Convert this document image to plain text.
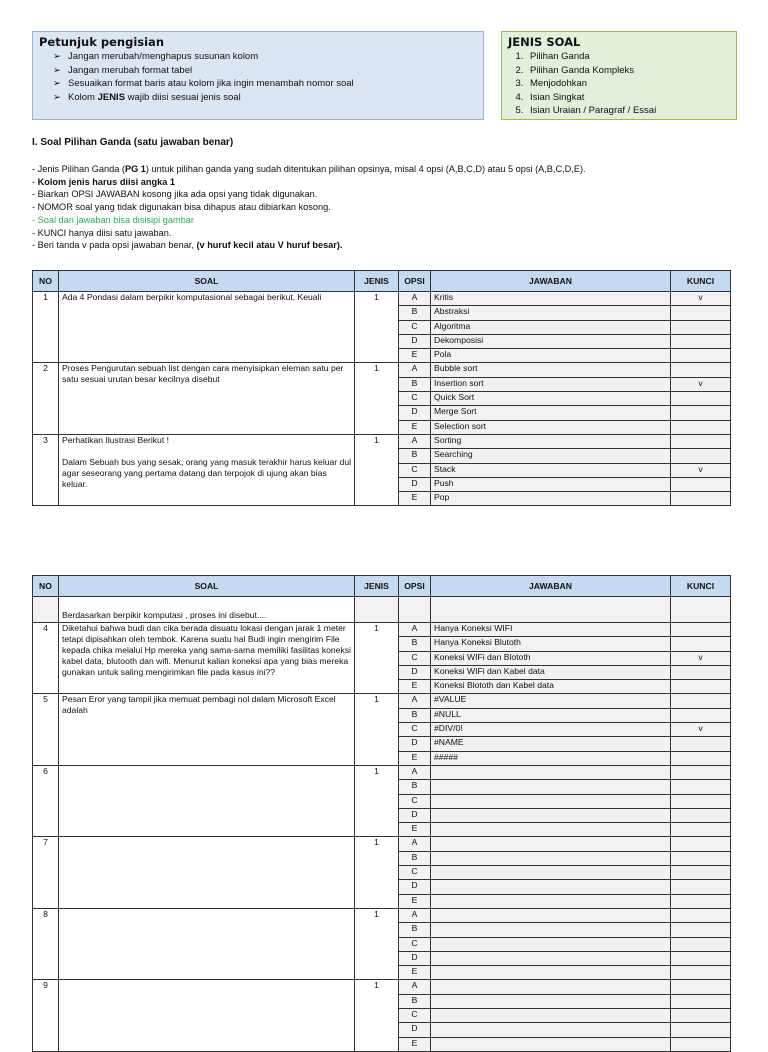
Petunjuk pengisian
➢ Jangan merubah/menghapus susunan kolom
➢ Jangan merubah format tabel
➢ Sesuaikan format baris atau kolom jika ingin menambah nomor soal
➢ Kolom JENIS wajib diisi sesuai jenis soal
JENIS SOAL
1. Pilihan Ganda
2. Pilihan Ganda Kompleks
3. Menjodohkan
4. Isian Singkat
5. Isian Uraian / Paragraf / Essai
I. Soal Pilihan Ganda (satu jawaban benar)
- Jenis Pilihan Ganda (PG 1) untuk pilihan ganda yang sudah ditentukan pilihan opsinya, misal 4 opsi (A,B,C,D) atau 5 opsi (A,B,C,D,E).
- Kolom jenis harus diisi angka 1
- Biarkan OPSI JAWABAN kosong jika ada opsi yang tidak digunakan.
- NOMOR soal yang tidak digunakan bisa dihapus atau dibiarkan kosong.
- Soal dan jawaban bisa disisipi gambar
- KUNCI hanya diisi satu jawaban.
- Beri tanda v pada opsi jawaban benar, (v huruf kecil atau V huruf besar).
NO	SOAL	JENIS	OPSI	JAWABAN	KUNCI
1	Ada 4 Pondasi dalam berpikir komputasional sebagai berikut, Keuali	1	A	Kritis	v
			B	Abstraksi	
			C	Algoritma	
			D	Dekomposisi	
			E	Pola	
2	Proses Pengurutan sebuah list dengan cara menyisipkan eleman satu per satu sesuai urutan besar kecilnya disebut	1	A	Bubble sort	
			B	Insertion sort	v
			C	Quick Sort	
			D	Merge Sort	
			E	Selection sort	
3	Perhatikan Ilustrasi Berikut !

Dalam Sebuah bus yang sesak, orang yang masuk terakhir harus keluar dul agar seseorang yang pertama datang dan terpojok di ujung akan bias keluar.	1	A	Sorting	
			B	Searching	
			C	Stack	v
			D	Push	
			E	Pop	
NO	SOAL	JENIS	OPSI	JAWABAN	KUNCI
	Berdasarkan berpikir komputasi , proses ini disebut....				
4	Diketahui bahwa budi dan cika berada disuatu lokasi dengan jarak 1 meter tetapi dipisahkan oleh tembok. Karena suatu hal Budi ingin mengirim File kepada chika melalui Hp mereka yang sama-sama memiliki fasilitas koneksi kabel data, blutooth dan wifi. Menurut kalian koneksi apa yang bias mereka gunakan untuk saling mengirimkan file pada kasus ini??	1	A	Hanya Koneksi WIFI	
			B	Hanya Koneksi Blutoth	
			C	Koneksi WIFi dan Blototh	v
			D	Koneksi WIFi dan Kabel data	
			E	Koneksi Blototh dan Kabel data	
5	Pesan Eror yang tampil jika memuat pembagi nol dalam Microsoft Excel adalah	1	A	#VALUE	
			B	#NULL	
			C	#DIV/0!	v
			D	#NAME	
			E	#####	
6		1	A		
			B		
			C		
			D		
			E		
7		1	A		
			B		
			C		
			D		
			E		
8		1	A		
			B		
			C		
			D		
			E		
9		1	A		
			B		
			C		
			D		
			E		
